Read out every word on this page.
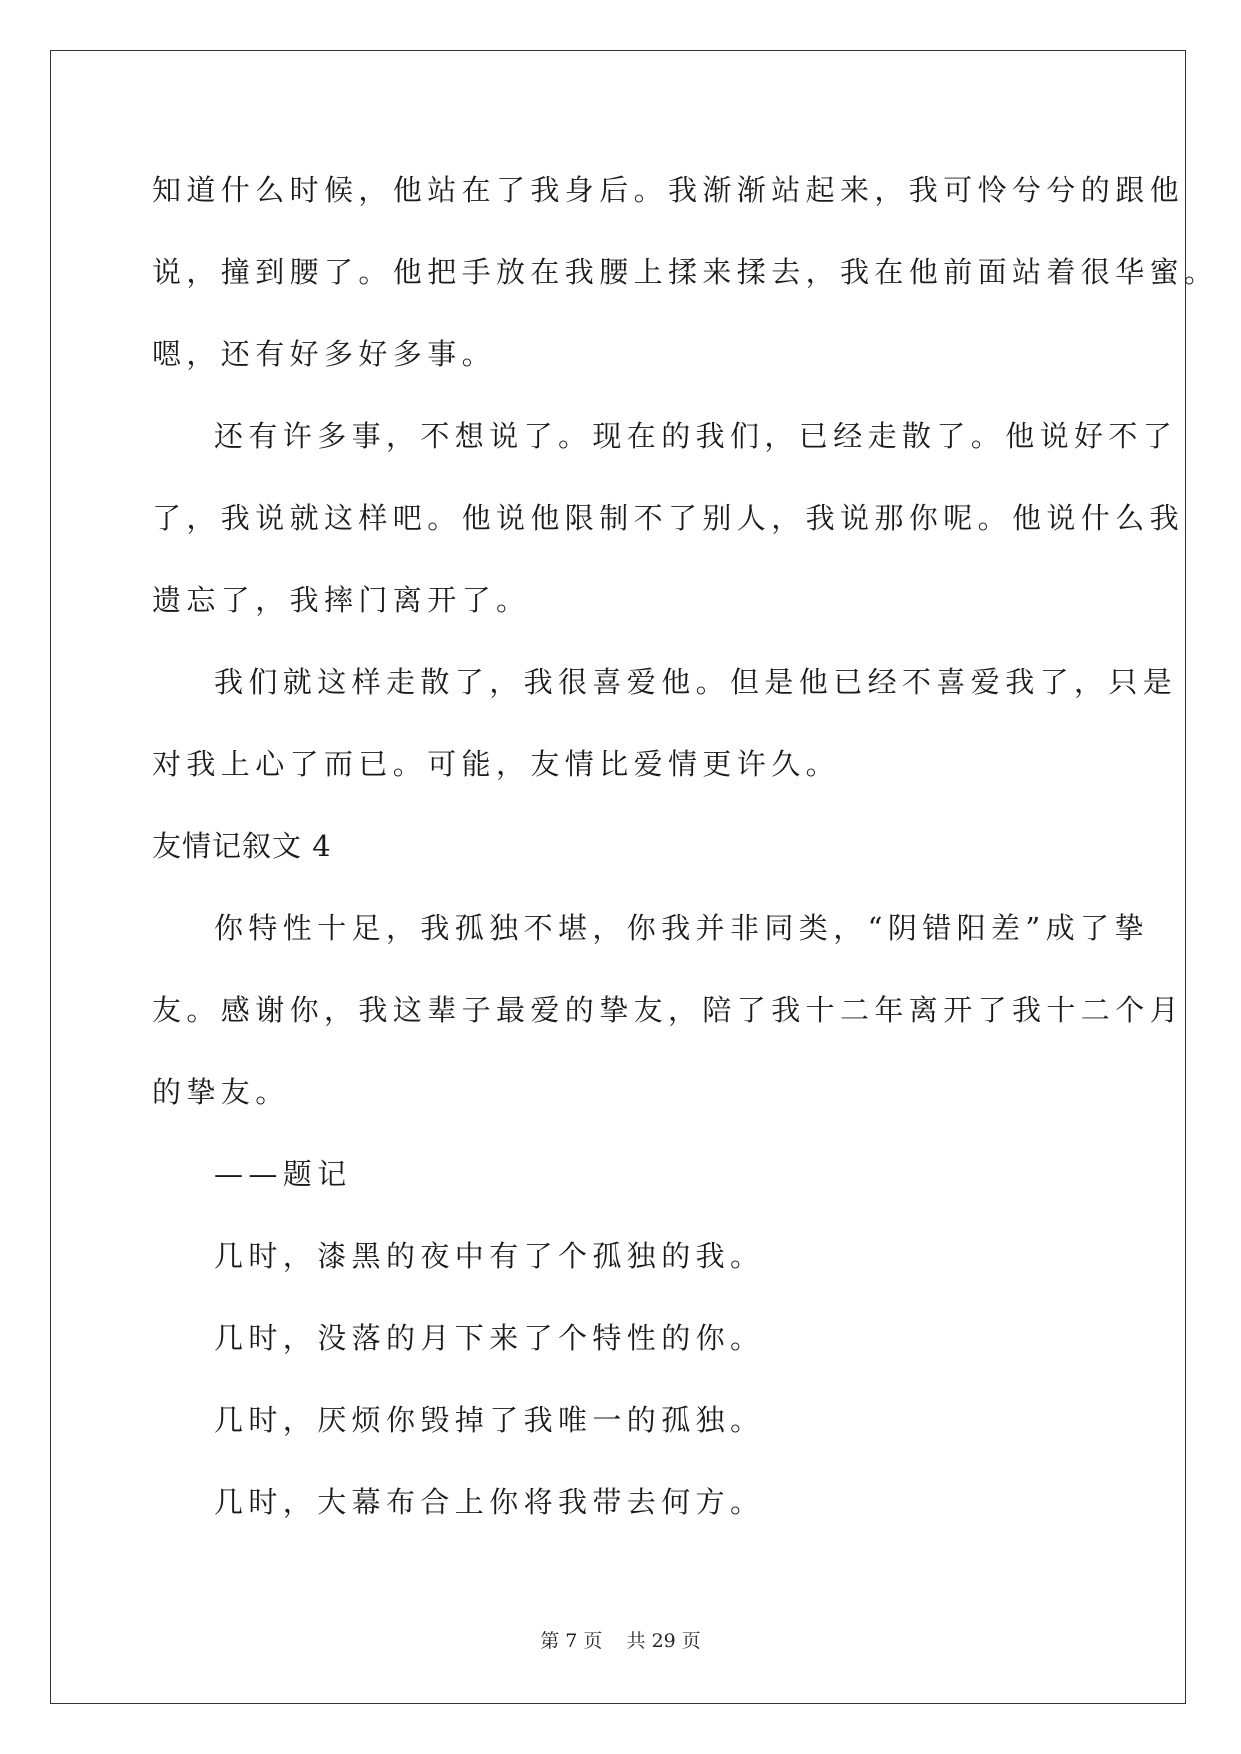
知道什么时候，他站在了我身后。我渐渐站起来，我可怜兮兮的跟他
说，撞到腰了。他把手放在我腰上揉来揉去，我在他前面站着很华蜜。
嗯，还有好多好多事。
还有许多事，不想说了。现在的我们，已经走散了。他说好不了
了，我说就这样吧。他说他限制不了别人，我说那你呢。他说什么我
遗忘了，我摔门离开了。
我们就这样走散了，我很喜爱他。但是他已经不喜爱我了，只是
对我上心了而已。可能，友情比爱情更许久。
友情记叙文 4
你特性十足，我孤独不堪，你我并非同类，“阴错阳差”成了挚
友。感谢你，我这辈子最爱的挚友，陪了我十二年离开了我十二个月
的挚友。
——题记
几时，漆黑的夜中有了个孤独的我。
几时，没落的月下来了个特性的你。
几时，厌烦你毁掉了我唯一的孤独。
几时，大幕布合上你将我带去何方。
第 7 页    共 29 页
